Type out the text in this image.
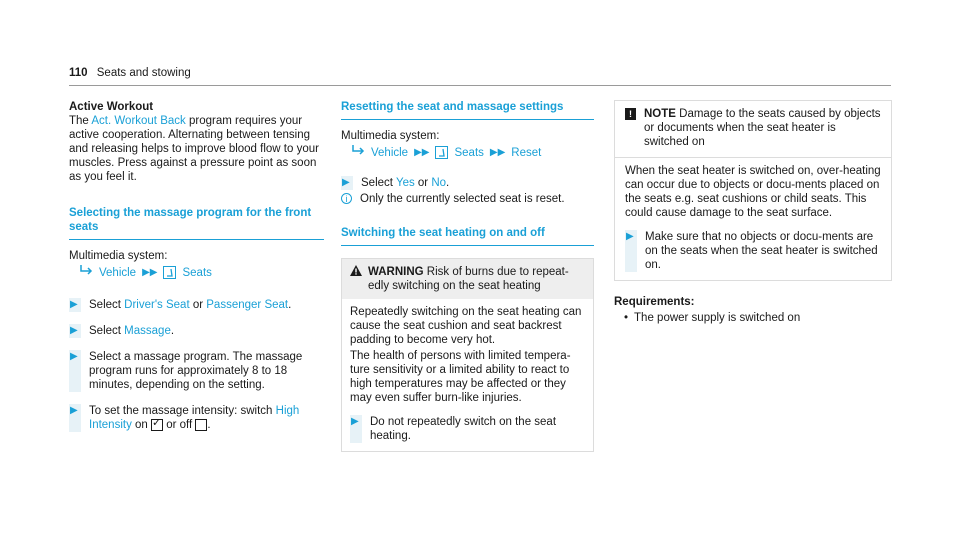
110 Seats and stowing
Active Workout

The Act. Workout Back program requires your active cooperation. Alternating between tensing and releasing helps to improve blood flow to your muscles. Press against a pressure point as soon as you feel it.

Selecting the massage program for the front seats
Multimedia system:
Vehicle ▶▶ Seats
▶ Select Driver's Seat or Passenger Seat.
▶ Select Massage.
▶ Select a massage program. The massage program runs for approximately 8 to 18 minutes, depending on the setting.
▶ To set the massage intensity: switch High Intensity on ✓ or off .
Resetting the seat and massage settings
Multimedia system:
Vehicle ▶▶ Seats ▶▶ Reset
▶ Select Yes or No.
i	Only the currently selected seat is reset.
Switching the seat heating on and off
WARNING Risk of burns due to repeat-edly switching on the seat heating

Repeatedly switching on the seat heating can cause the seat cushion and seat backrest padding to become very hot.

The health of persons with limited tempera-ture sensitivity or a limited ability to react to high temperatures may be affected or they may even suffer burn-like injuries.

▶ Do not repeatedly switch on the seat heating.
!	NOTE Damage to the seats caused by objects or documents when the seat heater is switched on

When the seat heater is switched on, over-heating can occur due to objects or docu-ments placed on the seats e.g. seat cushions or child seats. This could cause damage to the seat surface.

▶ Make sure that no objects or docu-ments are on the seats when the seat heater is switched on.
Requirements:
• The power supply is switched on
